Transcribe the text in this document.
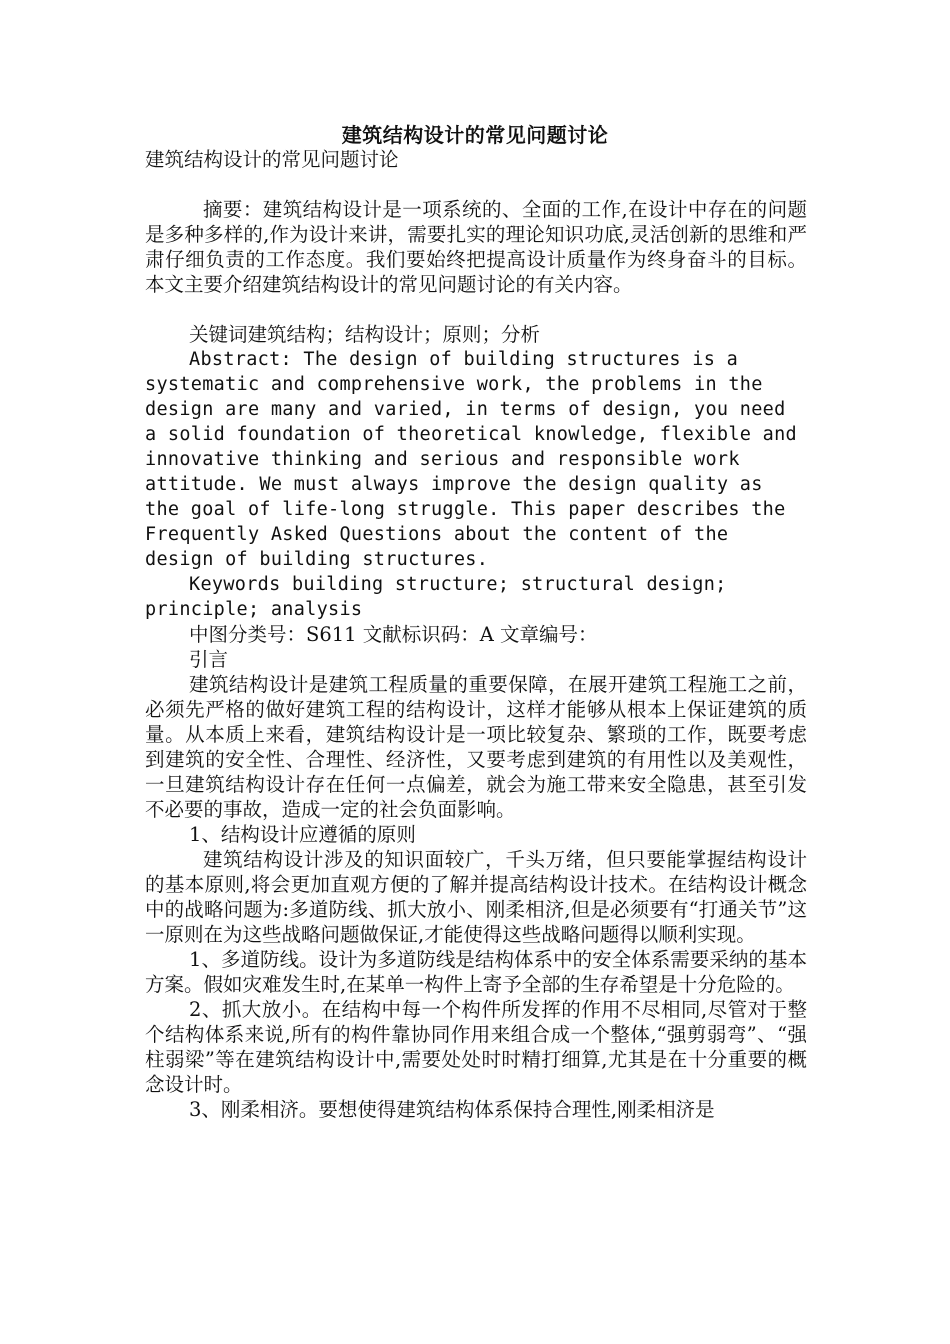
建筑结构设计的常见问题讨论

建筑结构设计的常见问题讨论

摘要：建筑结构设计是一项系统的、全面的工作,在设计中存在的问题是多种多样的,作为设计来讲，需要扎实的理论知识功底,灵活创新的思维和严肃仔细负责的工作态度。我们要始终把提高设计质量作为终身奋斗的目标。本文主要介绍建筑结构设计的常见问题讨论的有关内容。

关键词建筑结构；结构设计；原则；分析

Abstract: The design of building structures is a systematic and comprehensive work, the problems in the design are many and varied, in terms of design, you need a solid foundation of theoretical knowledge, flexible and innovative thinking and serious and responsible work attitude. We must always improve the design quality as the goal of life-long struggle. This paper describes the Frequently Asked Questions about the content of the design of building structures.

Keywords building structure; structural design; principle; analysis

中图分类号：S611 文献标识码：A 文章编号：

引言

建筑结构设计是建筑工程质量的重要保障，在展开建筑工程施工之前，必须先严格的做好建筑工程的结构设计，这样才能够从根本上保证建筑的质量。从本质上来看，建筑结构设计是一项比较复杂、繁琐的工作，既要考虑到建筑的安全性、合理性、经济性，又要考虑到建筑的有用性以及美观性，一旦建筑结构设计存在任何一点偏差，就会为施工带来安全隐患，甚至引发不必要的事故，造成一定的社会负面影响。

1、结构设计应遵循的原则

建筑结构设计涉及的知识面较广，千头万绪，但只要能掌握结构设计的基本原则,将会更加直观方便的了解并提高结构设计技术。在结构设计概念中的战略问题为:多道防线、抓大放小、刚柔相济,但是必须要有“打通关节”这一原则在为这些战略问题做保证,才能使得这些战略问题得以顺利实现。

1、多道防线。设计为多道防线是结构体系中的安全体系需要采纳的基本方案。假如灾难发生时,在某单一构件上寄予全部的生存希望是十分危险的。

2、抓大放小。在结构中每一个构件所发挥的作用不尽相同,尽管对于整个结构体系来说,所有的构件靠协同作用来组合成一个整体,“强剪弱弯”、“强柱弱梁”等在建筑结构设计中,需要处处时时精打细算,尤其是在十分重要的概念设计时。

3、刚柔相济。要想使得建筑结构体系保持合理性,刚柔相济是
